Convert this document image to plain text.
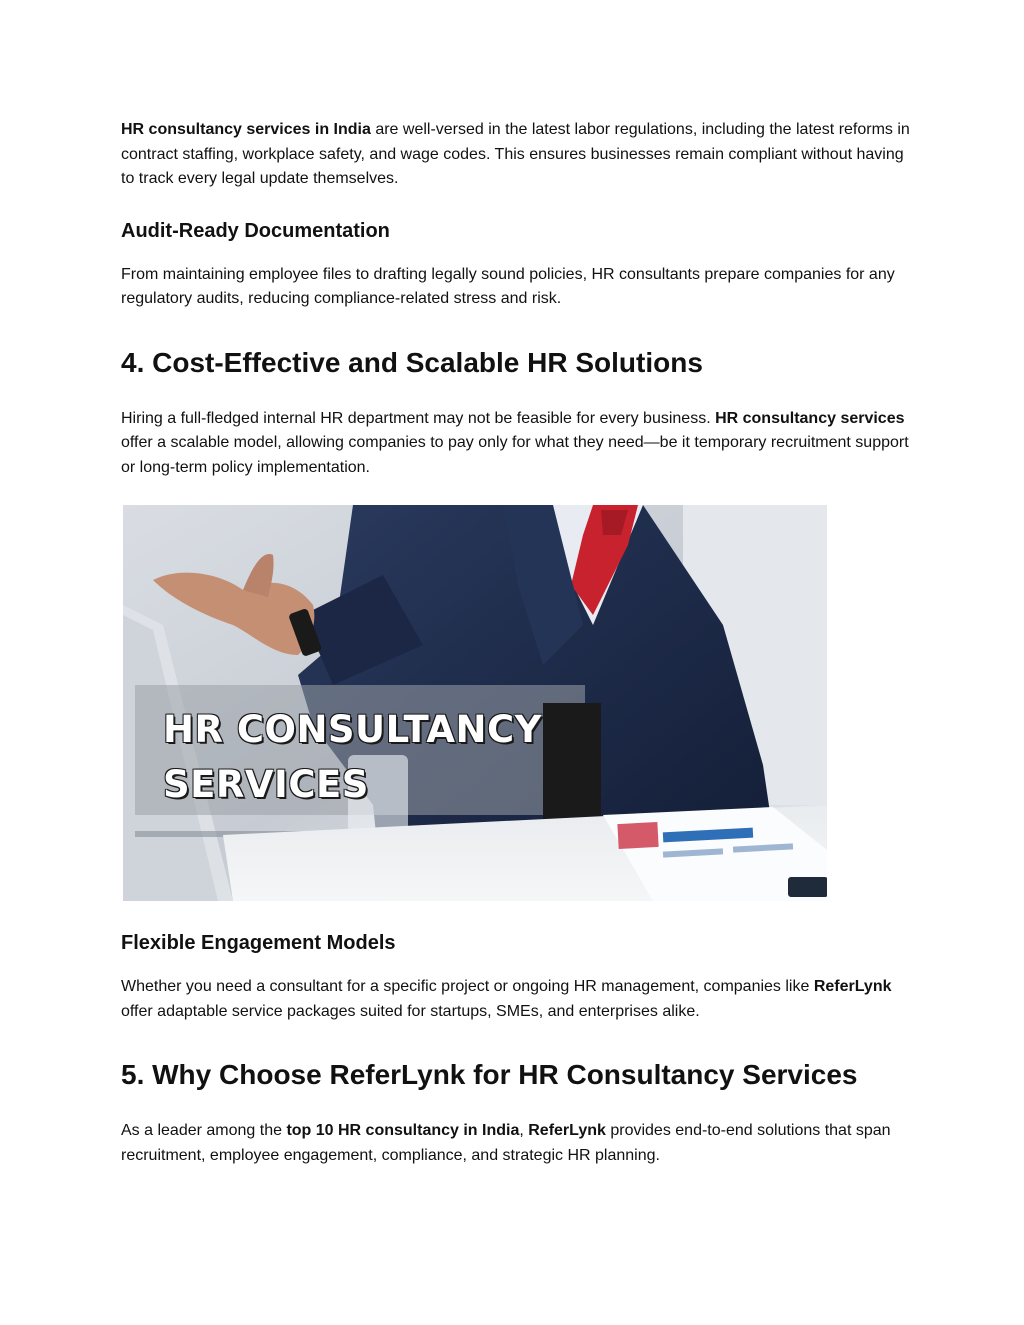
HR consultancy services in India are well-versed in the latest labor regulations, including the latest reforms in contract staffing, workplace safety, and wage codes. This ensures businesses remain compliant without having to track every legal update themselves.

Audit-Ready Documentation

From maintaining employee files to drafting legally sound policies, HR consultants prepare companies for any regulatory audits, reducing compliance-related stress and risk.

4. Cost-Effective and Scalable HR Solutions

Hiring a full-fledged internal HR department may not be feasible for every business. HR consultancy services offer a scalable model, allowing companies to pay only for what they need—be it temporary recruitment support or long-term policy implementation.

HR CONSULTANCY
SERVICES
Flexible Engagement Models

Whether you need a consultant for a specific project or ongoing HR management, companies like ReferLynk offer adaptable service packages suited for startups, SMEs, and enterprises alike.

5. Why Choose ReferLynk for HR Consultancy Services

As a leader among the top 10 HR consultancy in India, ReferLynk provides end-to-end solutions that span recruitment, employee engagement, compliance, and strategic HR planning.
